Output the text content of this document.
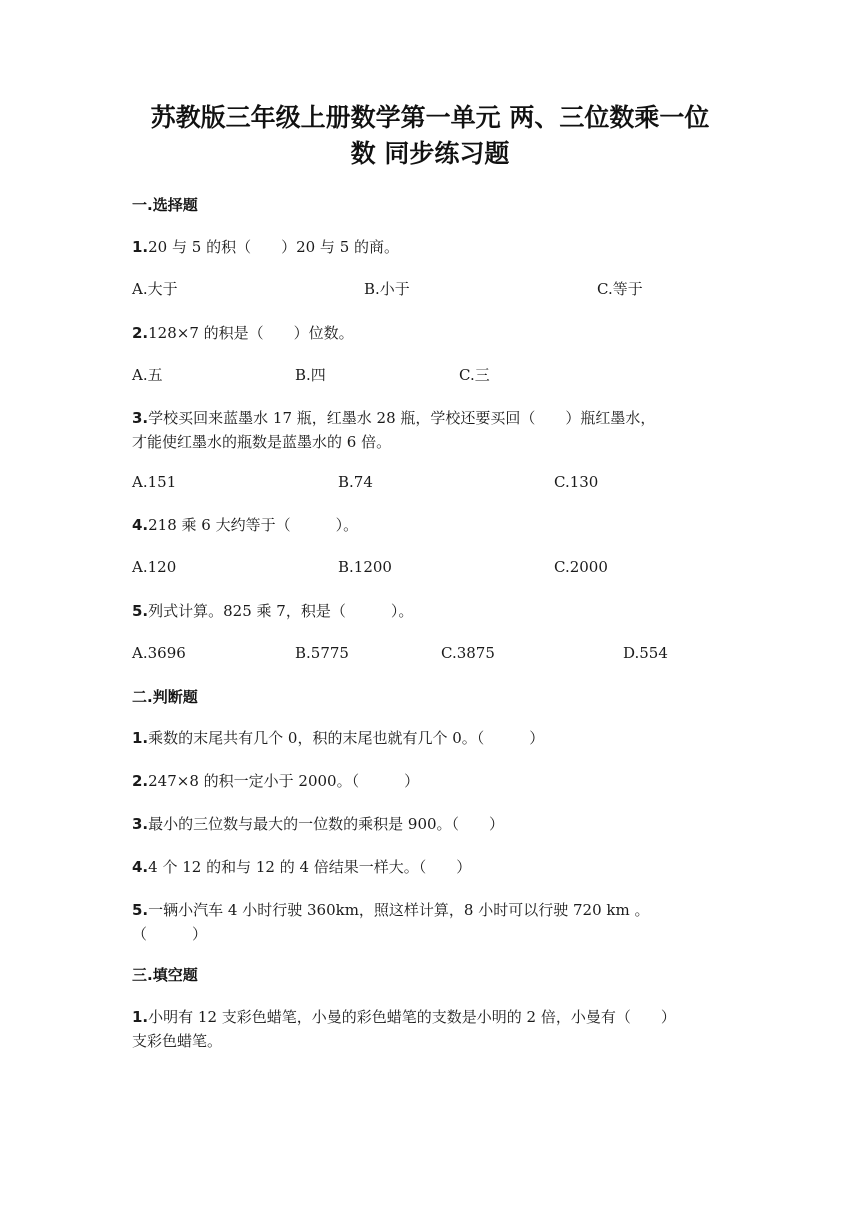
苏教版三年级上册数学第一单元 两、三位数乘一位
数 同步练习题
一.选择题
1.20 与 5 的积（　　）20 与 5 的商。
A.大于	B.小于	C.等于
2.128×7 的积是（　　）位数。
A.五	B.四	C.三
3.学校买回来蓝墨水 17 瓶，红墨水 28 瓶，学校还要买回（　　）瓶红墨水，
才能使红墨水的瓶数是蓝墨水的 6 倍。
A.151	B.74	C.130
4.218 乘 6 大约等于（　　　）。
A.120	B.1200	C.2000
5.列式计算。825 乘 7，积是（　　　）。
A.3696	B.5775	C.3875	D.554
二.判断题
1.乘数的末尾共有几个 0，积的末尾也就有几个 0。（　　　）
2.247×8 的积一定小于 2000。（　　　）
3.最小的三位数与最大的一位数的乘积是 900。（　　）
4.4 个 12 的和与 12 的 4 倍结果一样大。（　　）
5.一辆小汽车 4 小时行驶 360km，照这样计算，8 小时可以行驶 720 km 。
（　　　）
三.填空题
1.小明有 12 支彩色蜡笔，小曼的彩色蜡笔的支数是小明的 2 倍，小曼有（　　）
支彩色蜡笔。
